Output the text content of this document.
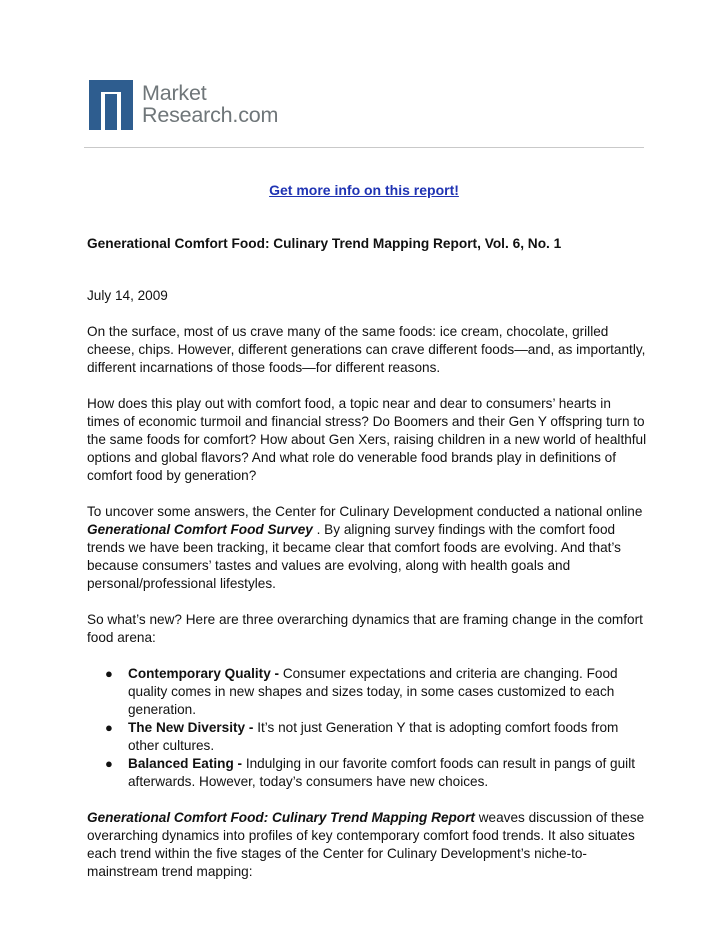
Market
Research.com
Get more info on this report!

Generational Comfort Food: Culinary Trend Mapping Report, Vol. 6, No. 1

July 14, 2009

On the surface, most of us crave many of the same foods: ice cream, chocolate, grilled cheese, chips. However, different generations can crave different foods—and, as importantly, different incarnations of those foods—for different reasons.

How does this play out with comfort food, a topic near and dear to consumers’ hearts in times of economic turmoil and financial stress? Do Boomers and their Gen Y offspring turn to the same foods for comfort? How about Gen Xers, raising children in a new world of healthful options and global flavors? And what role do venerable food brands play in definitions of comfort food by generation?

To uncover some answers, the Center for Culinary Development conducted a national online Generational Comfort Food Survey . By aligning survey findings with the comfort food trends we have been tracking, it became clear that comfort foods are evolving. And that’s because consumers’ tastes and values are evolving, along with health goals and personal/professional lifestyles.

So what’s new? Here are three overarching dynamics that are framing change in the comfort food arena:

● Contemporary Quality - Consumer expectations and criteria are changing. Food quality comes in new shapes and sizes today, in some cases customized to each generation.
● The New Diversity - It’s not just Generation Y that is adopting comfort foods from other cultures.
● Balanced Eating - Indulging in our favorite comfort foods can result in pangs of guilt afterwards. However, today’s consumers have new choices.

Generational Comfort Food: Culinary Trend Mapping Report weaves discussion of these overarching dynamics into profiles of key contemporary comfort food trends. It also situates each trend within the five stages of the Center for Culinary Development’s niche-to-mainstream trend mapping:
